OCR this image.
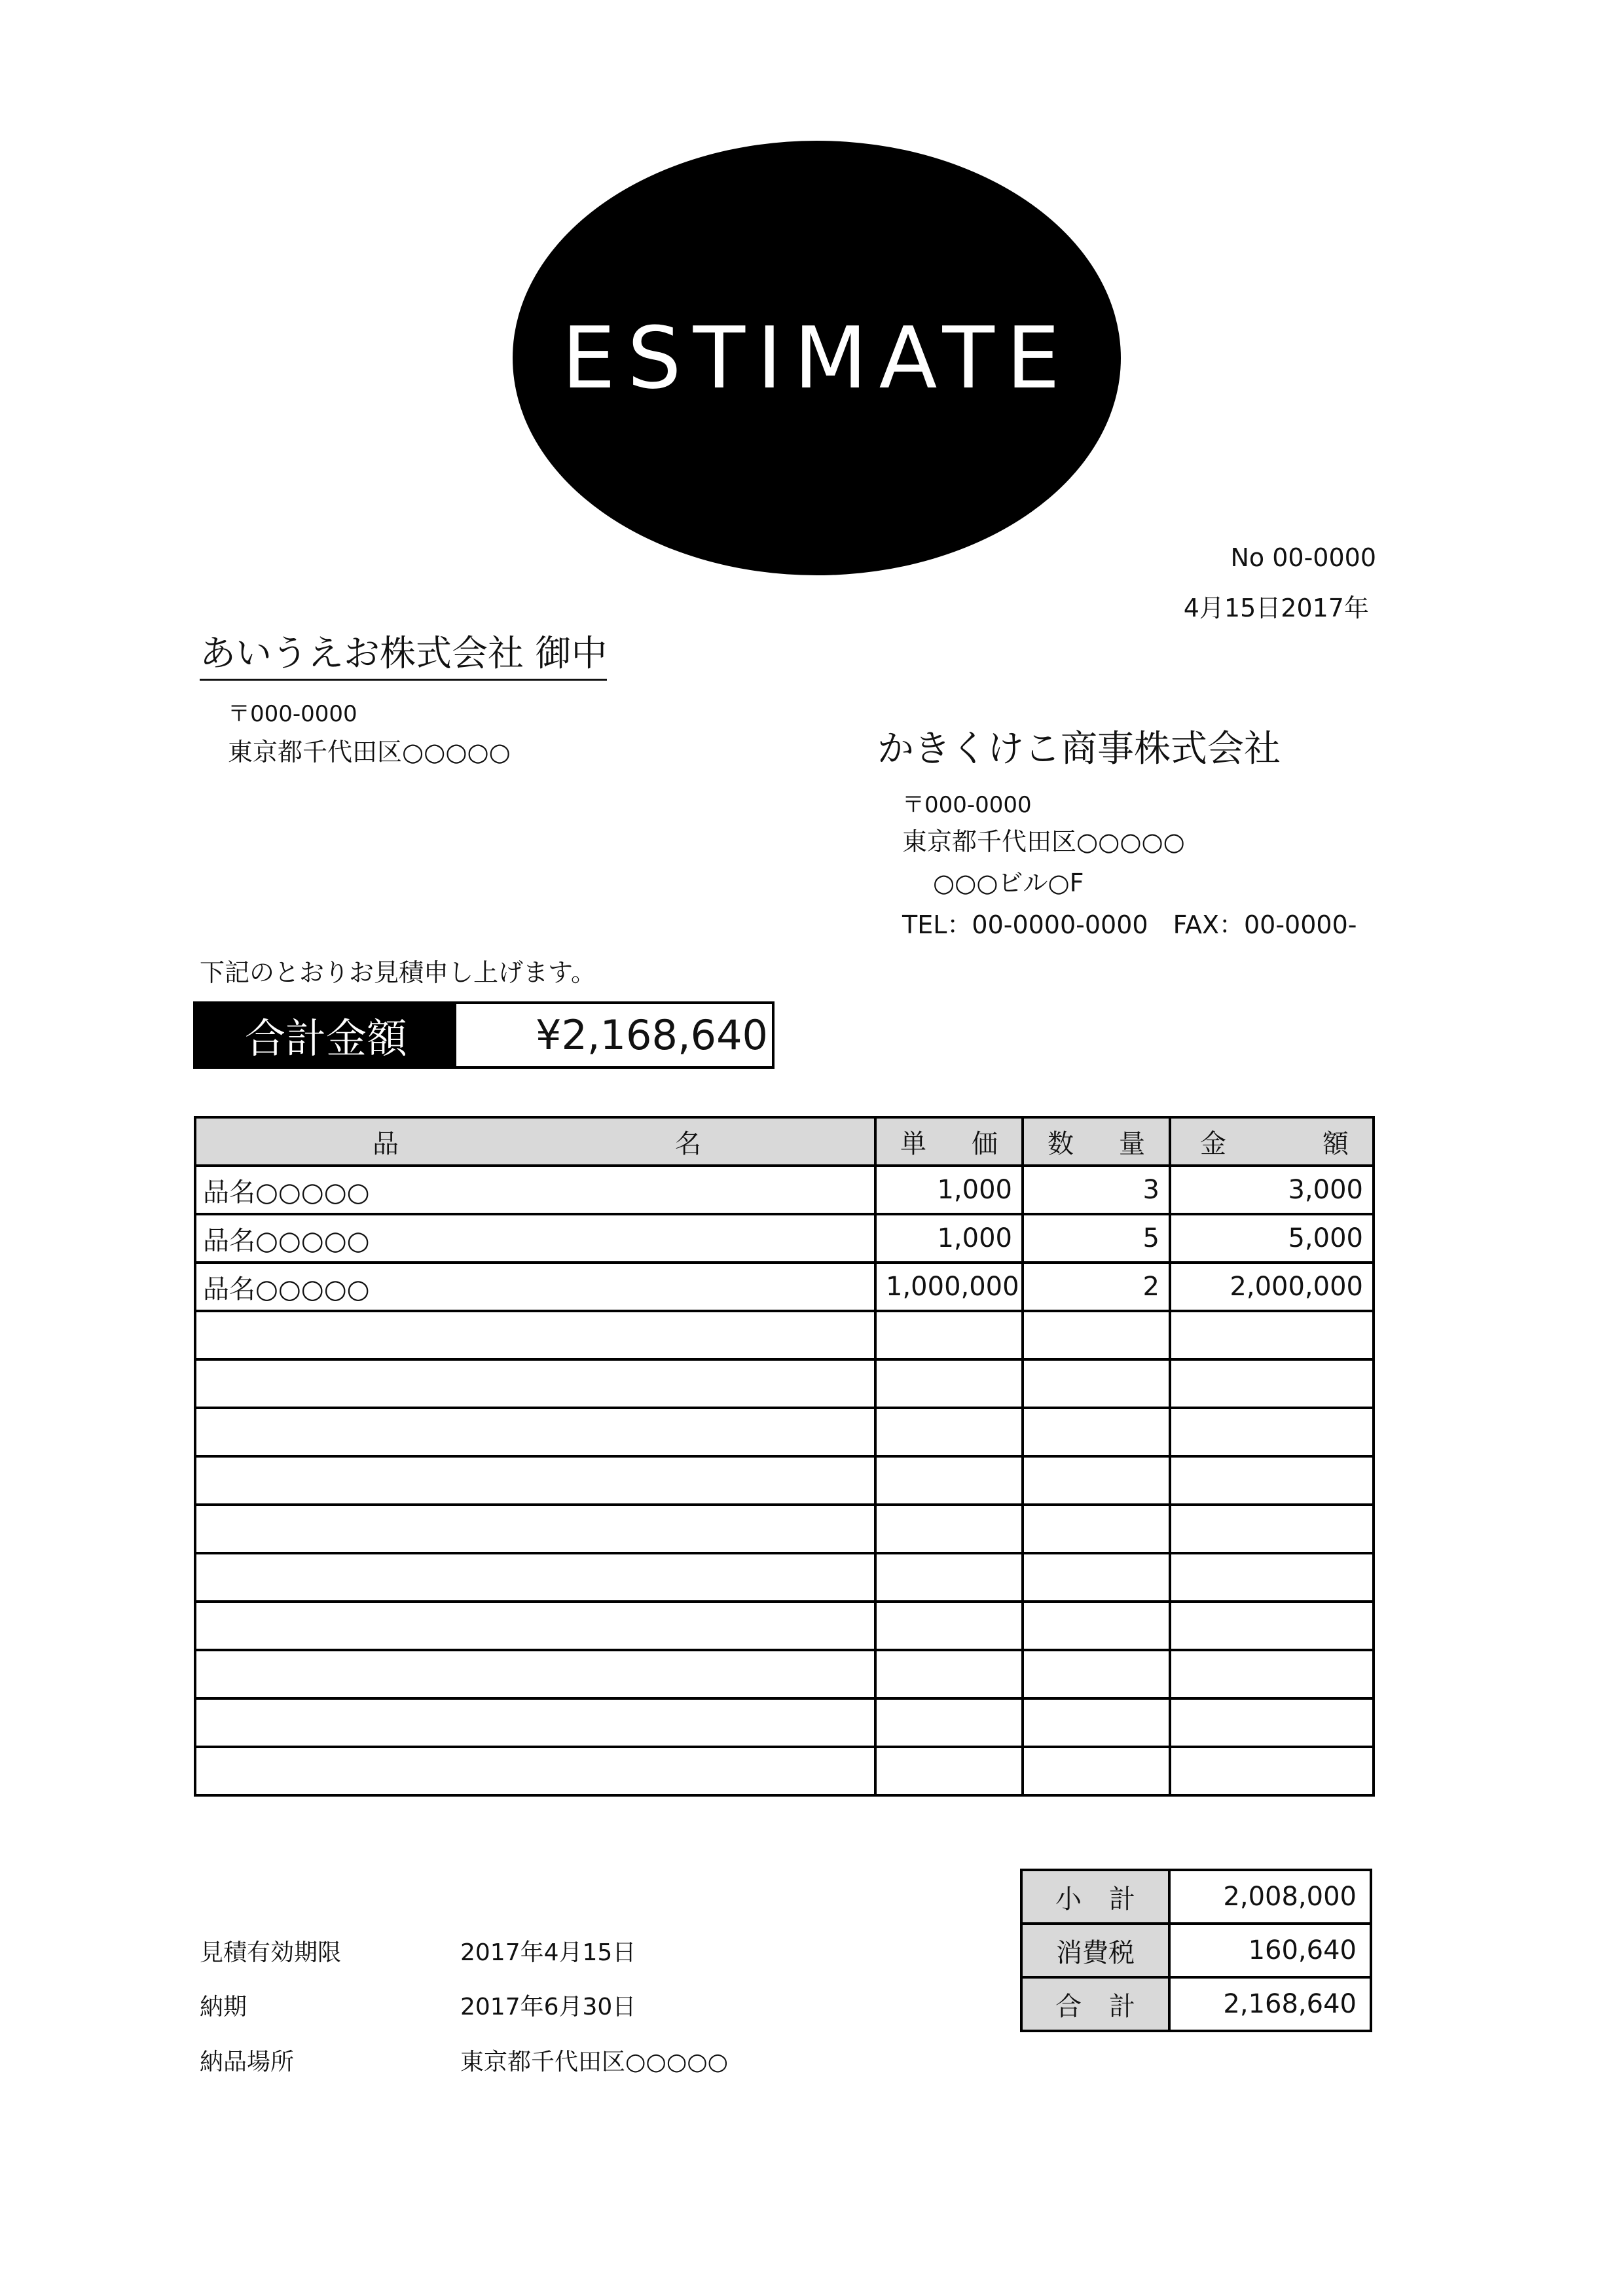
ESTIMATE
No 00-0000
4月15日2017年
あいうえお株式会社 御中
〒000-0000
東京都千代田区○○○○○	かきくけこ商事株式会社
〒000-0000
東京都千代田区○○○○○
○○○ビル○F
TEL：00-0000-0000　FAX：00-0000-
下記のとおりお見積申し上げます。
合計金額	¥2,168,640
品 名	単 価	数 量	金 額

品名○○○○○	1,000	3	3,000
品名○○○○○	1,000	5	5,000
品名○○○○○	1,000,000	2	2,000,000

小 計	2,008,000
消費税	160,640

合 計	2,168,640
見積有効期限	2017年4月15日
納期	2017年6月30日
納品場所	東京都千代田区○○○○○
